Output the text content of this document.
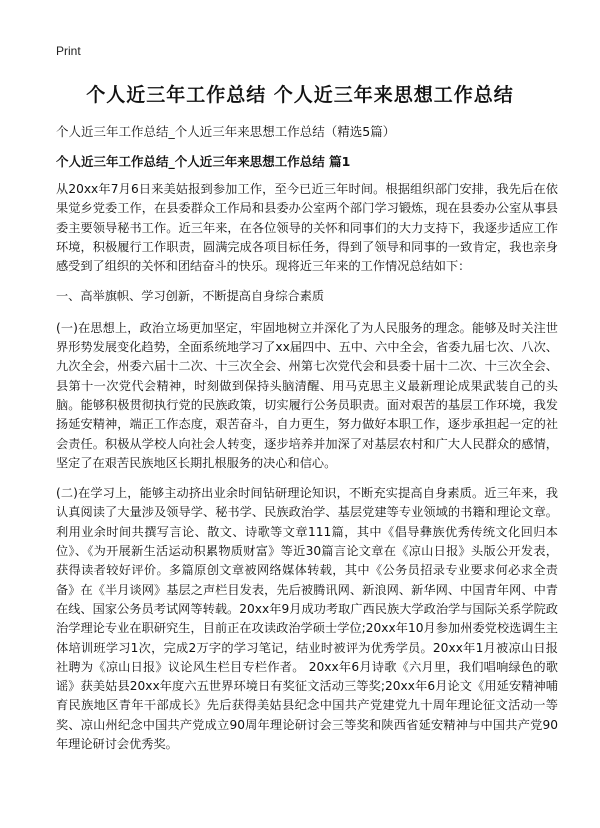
Print
个人近三年工作总结 个人近三年来思想工作总结
个人近三年工作总结_个人近三年来思想工作总结（精选5篇）
个人近三年工作总结_个人近三年来思想工作总结 篇1

从20xx年7月6日来美姑报到参加工作，至今已近三年时间。根据组织部门安排，我先后在依果觉乡党委工作，在县委群众工作局和县委办公室两个部门学习锻炼，现在县委办公室从事县委主要领导秘书工作。近三年来，在各位领导的关怀和同事们的大力支持下，我逐步适应工作环境，积极履行工作职责，圆满完成各项目标任务，得到了领导和同事的一致肯定，我也亲身感受到了组织的关怀和团结奋斗的快乐。现将近三年来的工作情况总结如下：

一、高举旗帜、学习创新，不断提高自身综合素质

(一)在思想上，政治立场更加坚定，牢固地树立并深化了为人民服务的理念。能够及时关注世界形势发展变化趋势，全面系统地学习了xx届四中、五中、六中全会，省委九届七次、八次、九次全会，州委六届十二次、十三次全会、州第七次党代会和县委十届十二次、十三次全会、县第十一次党代会精神，时刻做到保持头脑清醒、用马克思主义最新理论成果武装自己的头脑。能够积极贯彻执行党的民族政策，切实履行公务员职责。面对艰苦的基层工作环境，我发扬延安精神，端正工作态度，艰苦奋斗，自力更生，努力做好本职工作，逐步承担起一定的社会责任。积极从学校人向社会人转变，逐步培养并加深了对基层农村和广大人民群众的感情，坚定了在艰苦民族地区长期扎根服务的决心和信心。

(二)在学习上，能够主动挤出业余时间钻研理论知识，不断充实提高自身素质。近三年来，我认真阅读了大量涉及领导学、秘书学、民族政治学、基层党建等专业领域的书籍和理论文章。利用业余时间共撰写言论、散文、诗歌等文章111篇，其中《倡导彝族优秀传统文化回归本位》、《为开展新生活运动积累物质财富》等近30篇言论文章在《凉山日报》头版公开发表，获得读者较好评价。多篇原创文章被网络媒体转载，其中《公务员招录专业要求何必求全责备》在《半月谈网》基层之声栏目发表，先后被腾讯网、新浪网、新华网、中国青年网、中青在线、国家公务员考试网等转载。20xx年9月成功考取广西民族大学政治学与国际关系学院政治学理论专业在职研究生，目前正在攻读政治学硕士学位;20xx年10月参加州委党校选调生主体培训班学习1次，完成2万字的学习笔记，结业时被评为优秀学员。20xx年1月被凉山日报社聘为《凉山日报》议论风生栏目专栏作者。 20xx年6月诗歌《六月里，我们唱响绿色的歌谣》获美姑县20xx年度六五世界环境日有奖征文活动三等奖;20xx年6月论文《用延安精神哺育民族地区青年干部成长》先后获得美姑县纪念中国共产党建党九十周年理论征文活动一等奖、凉山州纪念中国共产党成立90周年理论研讨会三等奖和陕西省延安精神与中国共产党90年理论研讨会优秀奖。
